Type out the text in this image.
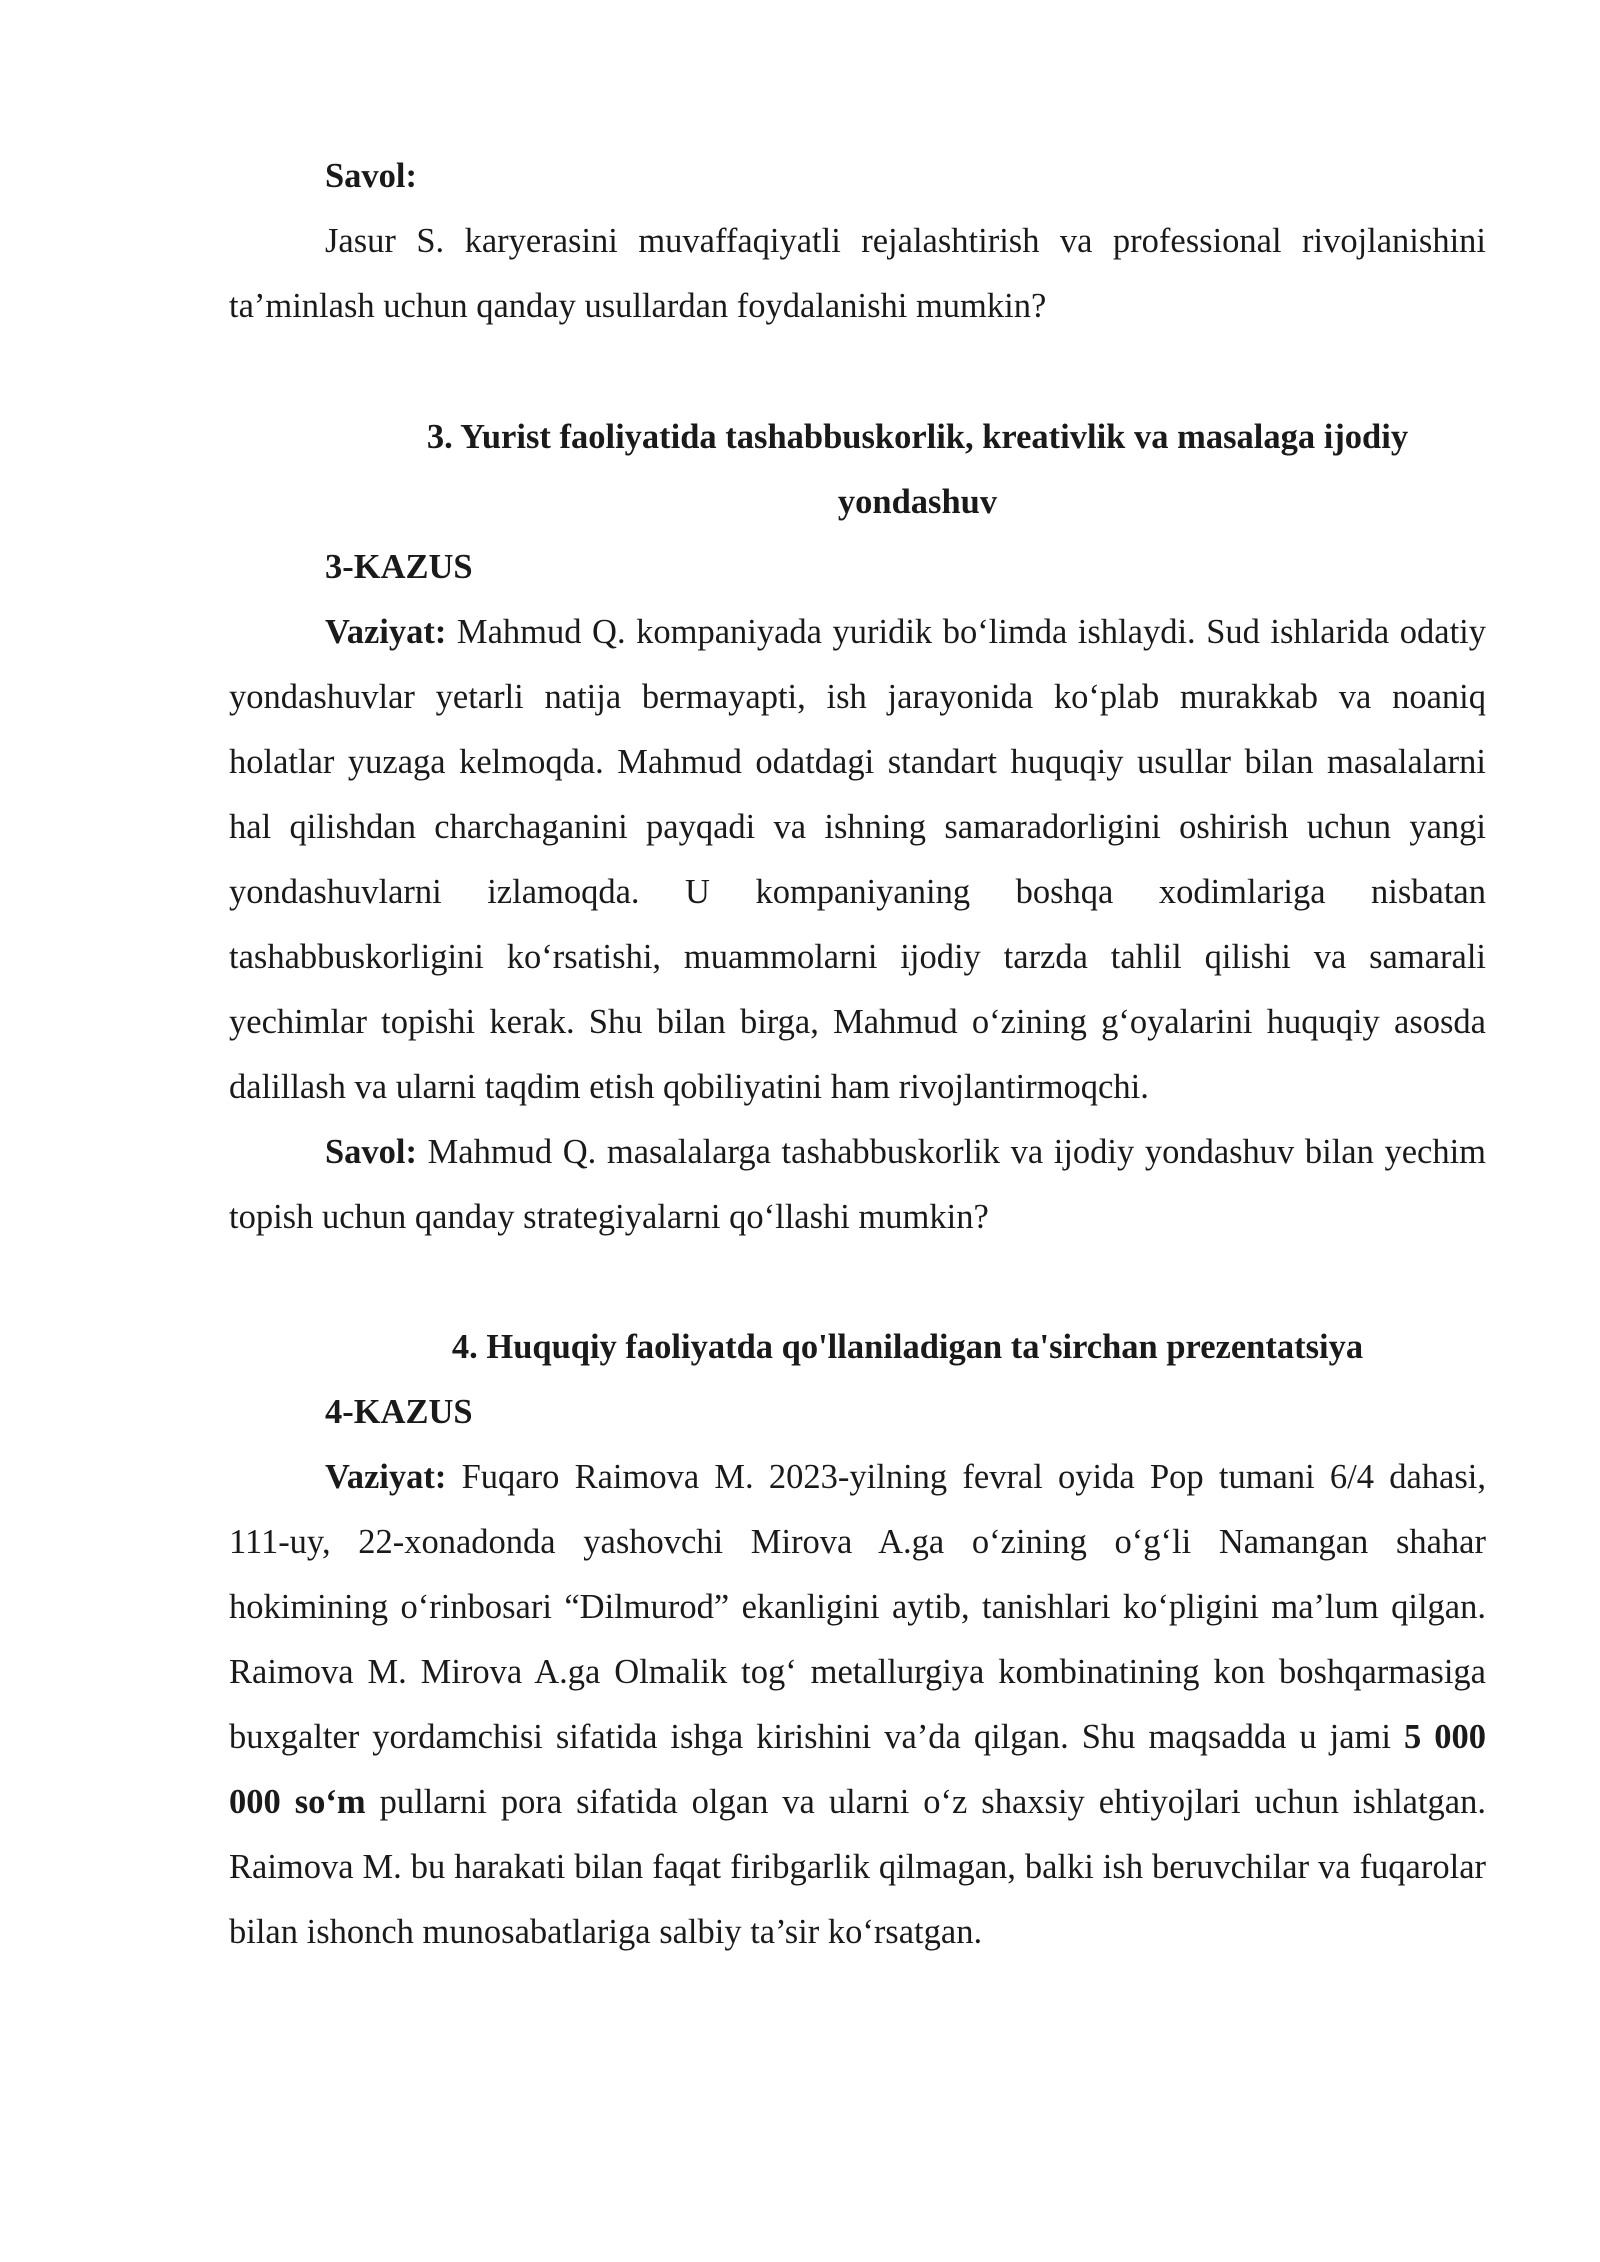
Savol:

Jasur S. karyerasini muvaffaqiyatli rejalashtirish va professional rivojlanishini ta’minlash uchun qanday usullardan foydalanishi mumkin?

3. Yurist faoliyatida tashabbuskorlik, kreativlik va masalaga ijodiy yondashuv

3-KAZUS

Vaziyat: Mahmud Q. kompaniyada yuridik bo‘limda ishlaydi. Sud ishlarida odatiy yondashuvlar yetarli natija bermayapti, ish jarayonida ko‘plab murakkab va noaniq holatlar yuzaga kelmoqda. Mahmud odatdagi standart huquqiy usullar bilan masalalarni hal qilishdan charchaganini payqadi va ishning samaradorligini oshirish uchun yangi yondashuvlarni izlamoqda. U kompaniyaning boshqa xodimlariga nisbatan tashabbuskorligini ko‘rsatishi, muammolarni ijodiy tarzda tahlil qilishi va samarali yechimlar topishi kerak. Shu bilan birga, Mahmud o‘zining g‘oyalarini huquqiy asosda dalillash va ularni taqdim etish qobiliyatini ham rivojlantirmoqchi.

Savol: Mahmud Q. masalalarga tashabbuskorlik va ijodiy yondashuv bilan yechim topish uchun qanday strategiyalarni qo‘llashi mumkin?

4. Huquqiy faoliyatda qo'llaniladigan ta'sirchan prezentatsiya

4-KAZUS

Vaziyat: Fuqaro Raimova M. 2023-yilning fevral oyida Pop tumani 6/4 dahasi, 111-uy, 22-xonadonda yashovchi Mirova A.ga o‘zining o‘g‘li Namangan shahar hokimining o‘rinbosari “Dilmurod” ekanligini aytib, tanishlari ko‘pligini ma’lum qilgan. Raimova M. Mirova A.ga Olmalik tog‘ metallurgiya kombinatining kon boshqarmasiga buxgalter yordamchisi sifatida ishga kirishini va’da qilgan. Shu maqsadda u jami 5 000 000 so‘m pullarni pora sifatida olgan va ularni o‘z shaxsiy ehtiyojlari uchun ishlatgan. Raimova M. bu harakati bilan faqat firibgarlik qilmagan, balki ish beruvchilar va fuqarolar bilan ishonch munosabatlariga salbiy ta’sir ko‘rsatgan.
